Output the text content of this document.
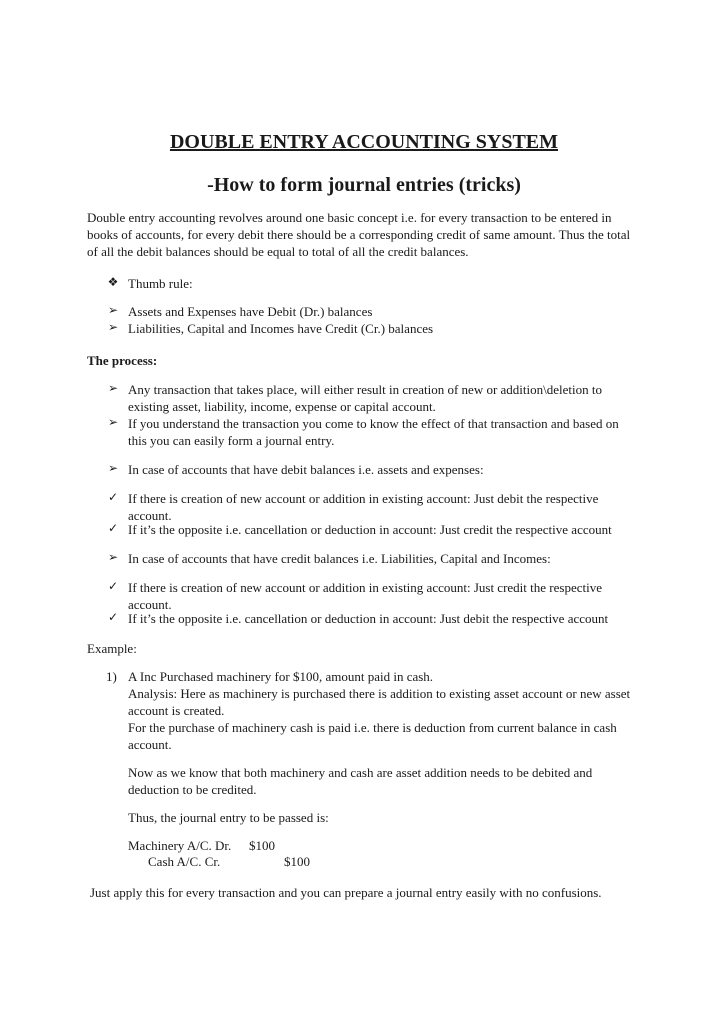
DOUBLE ENTRY ACCOUNTING SYSTEM
-How to form journal entries (tricks)
Double entry accounting revolves around one basic concept i.e. for every transaction to be entered in
books of accounts, for every debit there should be a corresponding credit of same amount. Thus the total
of all the debit balances should be equal to total of all the credit balances.
❖ Thumb rule:
➢ Assets and Expenses have Debit (Dr.) balances
➢ Liabilities, Capital and Incomes have Credit (Cr.) balances
The process:
➢ Any transaction that takes place, will either result in creation of new or addition\deletion to
existing asset, liability, income, expense or capital account.
➢ If you understand the transaction you come to know the effect of that transaction and based on
this you can easily form a journal entry.
➢ In case of accounts that have debit balances i.e. assets and expenses:
✓ If there is creation of new account or addition in existing account: Just debit the respective
account.
✓ If it’s the opposite i.e. cancellation or deduction in account: Just credit the respective account
➢ In case of accounts that have credit balances i.e. Liabilities, Capital and Incomes:
✓ If there is creation of new account or addition in existing account: Just credit the respective
account.
✓ If it’s the opposite i.e. cancellation or deduction in account: Just debit the respective account
Example:
1) A Inc Purchased machinery for $100, amount paid in cash.
Analysis: Here as machinery is purchased there is addition to existing asset account or new asset
account is created.
For the purchase of machinery cash is paid i.e. there is deduction from current balance in cash
account.
Now as we know that both machinery and cash are asset addition needs to be debited and
deduction to be credited.
Thus, the journal entry to be passed is:
Machinery A/C. Dr. $100
Cash A/C. Cr.	$100
Just apply this for every transaction and you can prepare a journal entry easily with no confusions.
